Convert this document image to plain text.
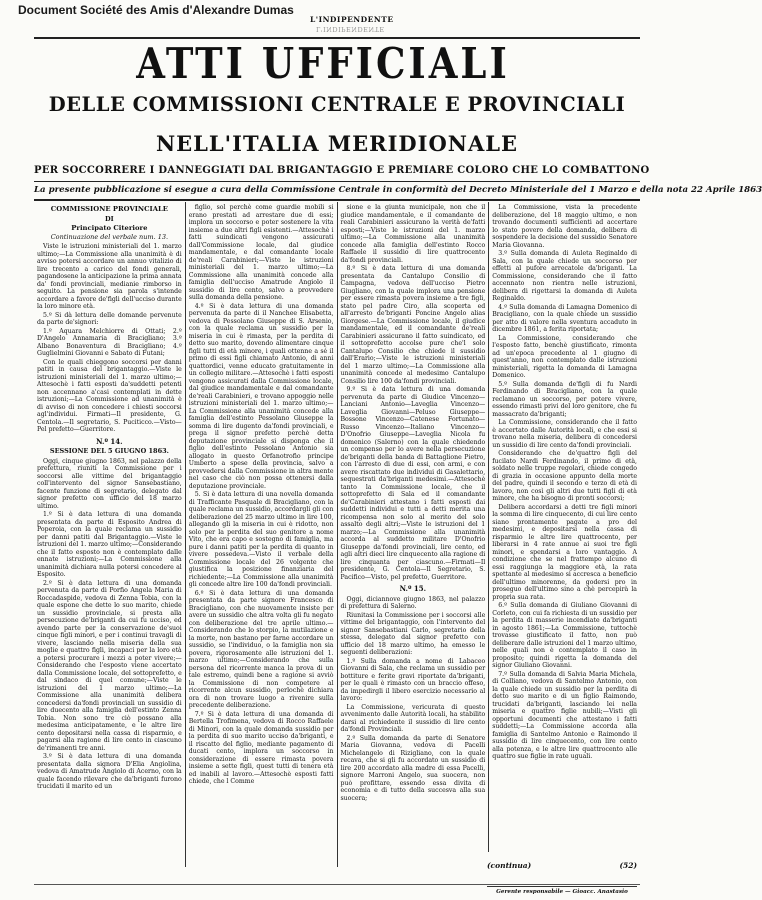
Document Société des Amis d'Alexandre Dumas
L'INDIPENDENTE
L'INDIPENDENTE
ATTI UFFICIALI
DELLE COMMISSIONI CENTRALE E PROVINCIALI
NELL'ITALIA MERIDIONALE
PER SOCCORRERE I DANNEGGIATI DAL BRIGANTAGGIO E PREMIARE COLORO CHE LO COMBATTONO
La presente pubblicazione si esegue a cura della Commissione Centrale in conformità del Decreto Ministeriale del 1 Marzo e della nota 22 Aprile 1863
COMMISSIONE PROVINCIALE
DI
Principato Citeriore
Continuazione del verbale num. 13.

Viste le istruzioni ministeriali del 1. marzo ultimo;—La Commissione alla unanimità è di avviso potersi accordare un annuo vitalizio di lire trecento a carico del fondi generali, pagandosene la anticipazione la prima annata da' fondi provinciali, medianie rimborso in seguito. La pensione sia parola s'intende accordare a favore de'figli dell'ucciso durante la loro minore età.

5.º Si dà lettura delle domande pervenute da parte de'signori:

1.º Aquara Melchiorre di Ottati; 2.º D'Angelo Annamaria di Bracigliano; 3.º Albano Bonaventura di Bracigliano; 4.º Guglielmini Giovanni e Sabato di Futani;

Con le quali chieggono soccorsi per danni patiti in causa del brigantaggio.—Viste le istruzioni ministeriali del 1. marzo ultimo;—Attesochè i fatti esposti da'suddetti petenti non accennano a'casi contemplati in dette istruzioni;—La Commissione ad unanimità è di avviso di non concedere i chiesti soccorsi agl'individui. Firmati—Il presidente, G. Centola.—Il segretario, S. Puciticco.—Visto—Pel prefetto—Guerritore.

N.º 14.
SESSIONE DEL 5 GIUGNO 1863.

Oggi, cinque giugno 1863, nel palazzo della prefettura, riuniti la Commissione per i soccorsi alle vittime del brigantaggio coll'intervento del signor Sansebastiano, facente funzione di segretario, delegato dal signor prefetto con ufficio del 18 marzo ultimo.

1.º Si è data lettura di una domanda presentata da parte di Esposito Andrea di Poperoia, con la quale reclama un sussidio per danni patiti dal Brigantaggio.—Viste le istruzioni del 1. marzo ultimo;—Considerando che il fatto esposto non è contemplato dalle ennate istruzioni;—La Commissione alla unanimità dichiara nulla potersi concedere al Esposito.

2.º Si è data lettura di una domanda pervenuta da parte di Porfio Angela Maria di Roccadaspide, vedova di Zenna Tobia, con la quale espone che dette lo suo marito, chiede un sussidio provinciale, si presta alla persecuzione de'briganti da cui fu ucciso, ed avendo parte per la conservazione de'suoi cinque figli minori, e per i continui travagli di vivere, lasciando nella miseria della sua moglie e quattro figli, incapaci per la loro età a potersi procurare i mezzi a poter vivere;—Considerando che l'esposto viene accertato dalla Commissione locale, del sottoprefetto, e dal sindaco di quel comune;—Viste le istruzioni del 1 marzo ultimo;—La Commissione alla unanimità delibera concedersi da'fondi provinciali un sussidio di lire duecento alla famiglia dell'estinto Zenna Tobia. Non sono tre ciò possano alla medesima anticipatamente, e le altre lire cento depositarsi nella cassa di risparmio, e pagarsi alla ragione di lire cento in ciascuno de'rimanenti tre anni.

3.º Si è data lettura di una domanda presentata dalla signora D'Elia Angiolina, vedova di Amatrude Angiolo di Acerno, con la quale facendo rilevare che da'briganti furono trucidati il marito ed un

figlio, sol perchè come guardie mobili si erano prestati ad arrestare due di essi; implora un soccorso e poter sostenere la vita insieme a due altri figli esistenti.—Attesochè i fatti suindicati vengono assicurati dall'Commissione locale, dal giudice mandamentale, e dal comandante locale de'reali Carabinieri;—Viste le istruzioni ministeriali del 1. marzo ultimo;—La Commissione alla unanimità concede alla famiglia dell'ucciso Amatrude Angiolo il sussidio di lire cento, salvo a provvedere sulla domanda della pensione.

4.º Si è data lettura di una domanda pervenuta da parte di il Nanchee Elisabetta, vedova di Pessolano Giuseppe di S. Arsenio, con la quale reclama un sussidio per la miseria in cui è rimasta, per la perdita di detto suo marito, dovendo alimentare cinque figli tutti di età minore, i quali ottenne a sé il primo di essi figli chiamato Antonio, di anni quattordici, venne educato gratuitamente in un collegio militare.—Attesochè i fatti esposti vengono assicurati dalla Commissione locale, dal giudice mandamentale e dal comandante de'reali Carabinieri, e trovano appoggio nelle istruzioni ministeriali del 1. marzo ultimo;—La Commissione alla unanimità concede alla famiglia dell'estinto Pessolano Giuseppe la somma di lire dugento da'fondi provinciali, e prega il signor prefetto perchè detta deputazione provinciale si disponga che il figlio dell'estinto Pessolano Antonio sia allogato in questo Orfanotrofio principe Umberto a spese della provincia, salvo a provvedersi dalla Commissione in altra mente nel caso che ciò non possa ottenersi dalla deputazione provinciale.

5. Si è data lettura di una novella domanda di Trafficante Pasquale di Bracigliano, con la quale reclama un sussidio, accordargli gli con deliberazione del 25 marzo ultimo in lire 100, allegando gli la miseria in cui è ridotto, non solo per la perdita del suo genitore a nome Vito, che era capo e sostegno di famiglia, ma pure i danni patiti per la perdita di quanto in vivere possedeva.—Visto il verbale della Commissione locale del 26 volgente che giustifica la posizione finanziaria del richiedente;—La Commissione alla unanimità gli concede altre lire 100 da'fondi provinciali.

6.º Si è data lettura di una domanda presentata da parte signore Francesco di Bracigliano, con che nuovamente insiste per avere un sussidio che altra volta gli fu negato con deliberazione del tre aprile ultimo.—Considerando che lo storpio, la mutilazione e la morte, non bastano per farne accordare un sussidio, se l'individuo, o la famiglia non sia povera, rigorosamente alle istruzioni del 1. marzo ultimo;—Considerando che sulla persona del ricorrente manca la prova di un tale estremo, quindi bene a ragione si avviò la Commissione di non competere al ricorrente alcun sussidio, perlochè dichiara ora di non trovare luogo a rivenire sulla precedente deliberazione.

7.º Si è data lettura di una domanda di Bertella Trofimena, vedova di Rocco Raffaele di Minori, con la quale domanda sussidio per la perdita di suo marito ucciso da'briganti, e il riscatto del figlio, mediante pagamento di ducati cento, implora un soccorso in considerazione di essere rimasta povera insieme a sette figli, quest tutti di tenera età ed inabili al lavoro.—Attesochè esposti fatti chiede, che l Comme

sione e la giunta municipale, non che il giudice mandamentale, e il comandante de reali Carabinieri assicurano la verità de'fatti esposti;—Viste le istruzioni del 1. marzo ultimo;—La Commissione alla unanimità concede alla famiglia dell'estinto Rocco Raffaele il sussidio di lire quattrocento da'fondi provinciali.

8.º Si è data lettura di una domanda presentata da Cantalupo Consilio di Campagna, vedova dell'ucciso Pietro Giugliano, con la quale implora una pensione per essere rimasta povera insieme a tre figli, stato pel padre Ciro, alla scoperta ed all'arresto de'briganti Poncine Angelo alias Giorgese.—La Commissione locale, il giudice mandamentale, ed il comandante de'reali Carabinieri assicurano il fatto suindicato, ed il sottoprefetto accolse pure che'l solo Cantalupo Consilio che chiede il sussidio dall'Erario;—Viste le istruzioni ministeriali del 1 marzo ultimo;—La Commissione alla unanimità concede al medesimo Cantalupo Consilio lire 100 da'fondi provinciali.

9.º Si è data lettura di una domanda pervenuta da parte di Giudice Vincenzo—Lanciani Antonio—Laveglia Vincenzo—Laveglia Giovanni—Peluso Giuseppe—Bossone Vincenzo—Catenese Fortunato—Russo Vincenzo—Italiano Vincenzo—D'Onofrio Giuseppe—Laveglia Nicola fu domenico (Salerno) con la quale chiedendo un compenso per lo avere nella persecuzione de'briganti della banda di Battaglione Pietro, con l'arresto di due di essi, con armi, e con avere riscattato due individui di Gasalettario, sequestrati da'briganti medesimi.—Attesochè tanto la Commissione locale, che il sottoprefetto di Sala ed il comandante de'Carabinieri attestano i fatti esposti dai suddetti individui e tutti a detti merita una ricompensa non solo al merito del solo assalto degli altri;—Viste le istruzioni del 1 marzo;—La Commissione alla unanimità accorda al suddetto militare D'Onofrio Giuseppe da'fondi provinciali, lire cento, ed agli altri dieci lire cinquecento alla ragione di lire cinquanta per ciascuno.—Firmati—Il presidente, G. Centola—Il Segretario, S. Pacifico—Visto, pel prefetto, Guerritore.

N.º 15.

Oggi, diciannove giugno 1863, nel palazzo di prefettura di Salerno.

Riunitasi la Commissione per i soccorsi alle vittime del brigantaggio, con l'intervento del signor Sansebastiani Carlo, segretario della stessa, delegato dal signor prefetto con ufficio del 18 marzo ultimo, ha emesso le seguenti deliberazioni:

1.º Sulla domanda a nome di Labaceo Giovanni di Sala, che reclama un sussidio per bottiture e ferite gravi riportate da'briganti, per le quali è rimasto con un braccio offeso, da impedirgli il libero esercizio necessario al lavoro:

La Commissione, vericurata di questo avvenimento dalle Autorità locali, ha stabilito darsi al richiedente il sussidio di lire cento da'fondi Provinciali.

2.º Sulla domanda da parte di Senatore Maria Giovanna, vedova di Pacelli Michelangelo di Rizigliano, con la quale recava, che si gli fu accordato un sussidio di lire 200 accordato alla madre di essa Pacelli, signore Marroni Angelo, sua suocera, non può profittare, essendo essa divita di economia e di tutto della succesva alla sua suocera;

La Commissione, vista la precedente deliberazione, del 18 maggio ultimo, e non trovando documenti sufficienti ad accertare lo stato povero della domanda, delibera di sospendere la decisione del sussidio Senatore Maria Giovanna.

3.º Sulla domanda di Auleta Reginaldo di Sala, con la quale chiede un soccorso per effetti al pufore arrecatole da'briganti. La Commissione, considerando che il fatto accennato non rientra nelle istruzioni, delibera di rigettarsi la domanda di Auleta Reginaldo.

4.º Sulla domanda di Lamagna Domenico di Bracigliano, con la quale chiede un sussidio per atto di valore nella sventura accaduto in dicembre 1861, a ferita riportata;

La Commissione, considerando che l'esposto fatto, benchè giustificato, rimonta ad un'epoca precedente al 1 giugno di quest'anno, non contemplato dalle istruzioni ministeriali, rigetta la domanda di Lamagna Domenico.

5.º Sulla domanda de'figli di fu Nardi Ferdinando di Bracigliano, con la quale reclamano un soccorso, per potere vivere, essendo rimasti privi del loro genitore, che fu massacrato da'briganti;

La Commissione, considerando che il fatto è accertato dalle Autorità locali, e che essi si trovano nella miseria, delibera di concedersi un sussidio di lire cento da'fondi provinciali.

Considerando che de'quattro figli del fucilato Nardi Ferdinando, il primo di età, soldato nelle truppe regolari, chiede congedo di grazia in occasione appunto della morte del padre, quindi il secondo e terzo di età di lavoro, non così gli altri due tutti figli di età minore, che ha bisogno di pronti soccorsi;

Delibera accordarsi a detti tre figli minori la somma di lire cinquecento, di cui lire cento siano prontamente pagate a pro del medesimi, e depositarsi nella cassa di risparmio le altre lire quattrocento, per liberarsi in 4 rate annue ai suoi tre figli minori, e spendarsi a loro vantaggio. A condizione che se nel frattempo alcuno di essi raggiunga la maggiore età, la rata spettante al medesimo si accresca a beneficio dell'ultimo minorenne, da godersi pro in proseguo dell'ultimo sino a chè percepirà la propria sua rata.

6.º Sulla domanda di Giuliano Giovanni di Corleto, con cui fa richiesta di un sussidio per la perdita di masserie incendiate da'briganti in agosto 1861;—La Commissione, tuttochè trovasse giustificato il fatto, non può deliberare dalle istruzioni del 1 marzo ultimo, nelle quali non è contemplato il caso in proposito; quindi rigetta la domanda del signor Giuliano Giovanni.

7.º Sulla domanda di Salvia Maria Michela, di Colliano, vedova di Santelmo Antonio, con la quale chiede un sussidio per la perdita di detto suo marito e di un figlio Raimondo, trucidati da'briganti, lasciando lei nella miseria e quattro figlie nubili;—Visti gli opportuni documenti che attestano i fatti suddetti;—La Commissione accorda alla famiglia di Santelmo Antonio e Raimondo il sussidio di lire cinquecento, con lire cento alla potenza, e le altre lire quattrocento alle quattro sue figlie in rate uguali.

(continua)	(52)
Gerente responsabile — Gioacc. Anastasio
